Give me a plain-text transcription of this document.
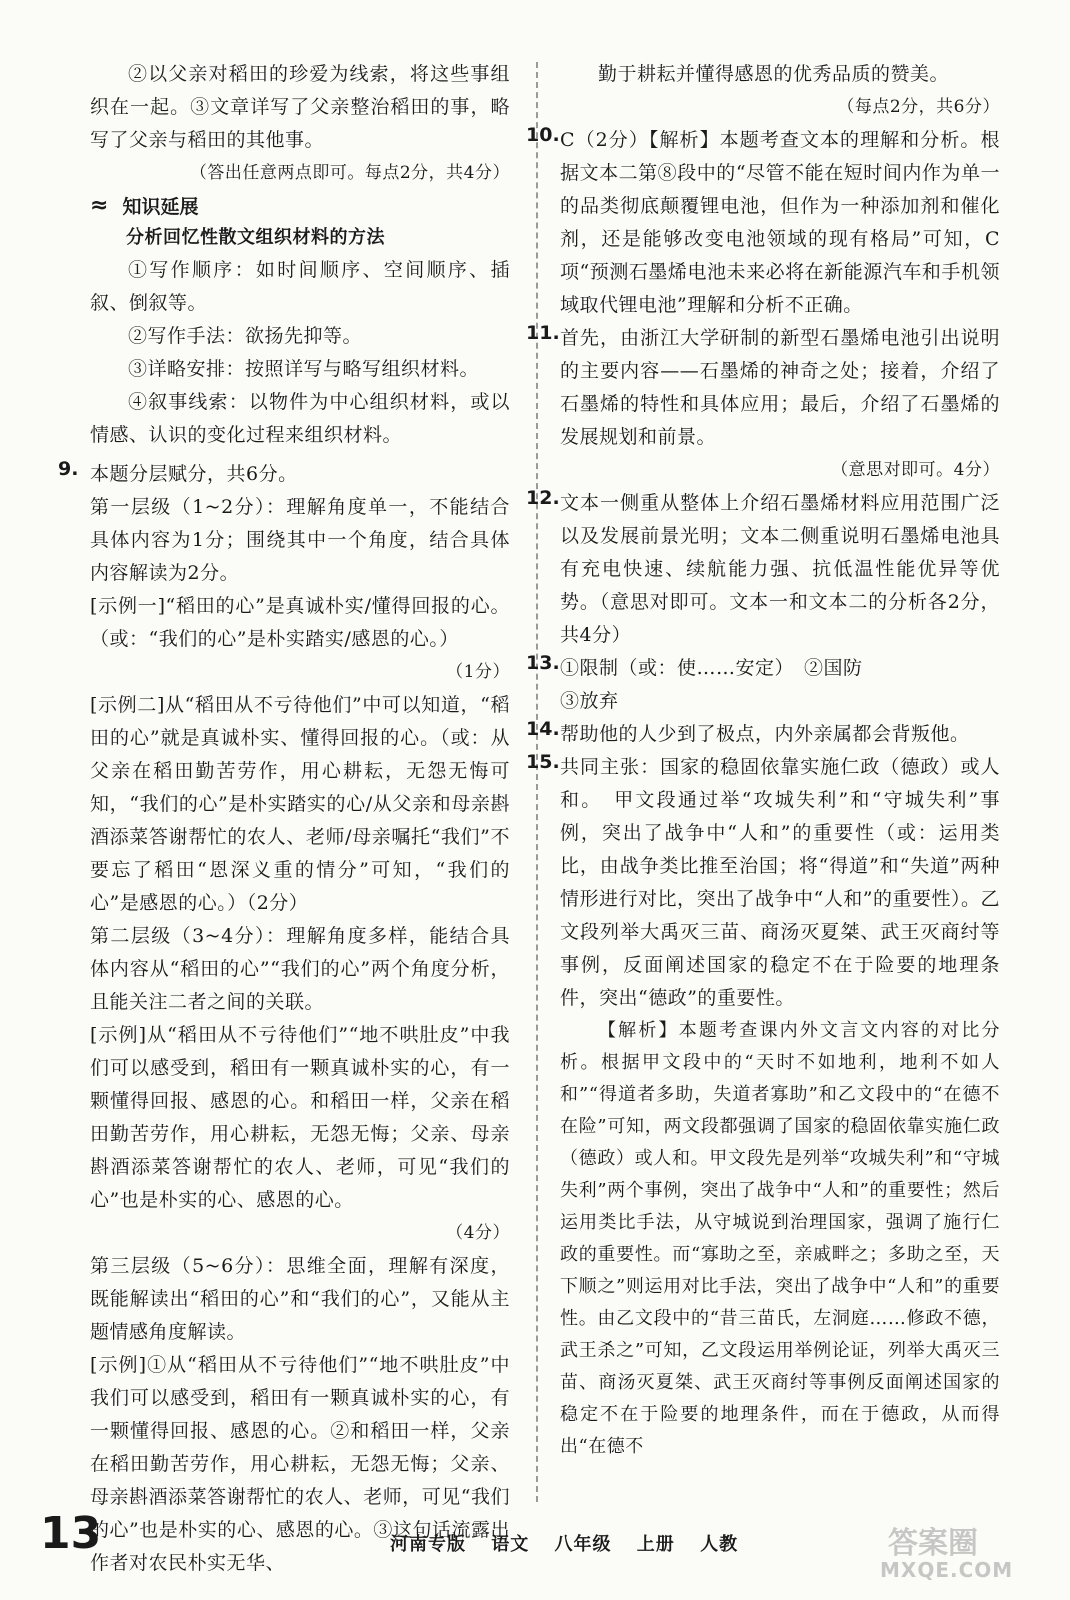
②以父亲对稻田的珍爱为线索，将这些事组织在一起。③文章详写了父亲整治稻田的事，略写了父亲与稻田的其他事。

（答出任意两点即可。每点2分，共4分）

≈ 知识延展

分析回忆性散文组织材料的方法

①写作顺序：如时间顺序、空间顺序、插叙、倒叙等。

②写作手法：欲扬先抑等。

③详略安排：按照详写与略写组织材料。

④叙事线索：以物件为中心组织材料，或以情感、认识的变化过程来组织材料。

9. 本题分层赋分，共6分。

第一层级（1~2分）：理解角度单一，不能结合具体内容为1分；围绕其中一个角度，结合具体内容解读为2分。

[示例一]“稻田的心”是真诚朴实/懂得回报的心。（或：“我们的心”是朴实踏实/感恩的心。）

（1分）

[示例二]从“稻田从不亏待他们”中可以知道，“稻田的心”就是真诚朴实、懂得回报的心。（或：从父亲在稻田勤苦劳作，用心耕耘，无怨无悔可知，“我们的心”是朴实踏实的心/从父亲和母亲斟酒添菜答谢帮忙的农人、老师/母亲嘱托“我们”不要忘了稻田“恩深义重的情分”可知，“我们的心”是感恩的心。）（2分）

第二层级（3~4分）：理解角度多样，能结合具体内容从“稻田的心”“我们的心”两个角度分析，且能关注二者之间的关联。

[示例]从“稻田从不亏待他们”“地不哄肚皮”中我们可以感受到，稻田有一颗真诚朴实的心，有一颗懂得回报、感恩的心。和稻田一样，父亲在稻田勤苦劳作，用心耕耘，无怨无悔；父亲、母亲斟酒添菜答谢帮忙的农人、老师，可见“我们的心”也是朴实的心、感恩的心。

（4分）

第三层级（5~6分）：思维全面，理解有深度，既能解读出“稻田的心”和“我们的心”，又能从主题情感角度解读。

[示例]①从“稻田从不亏待他们”“地不哄肚皮”中我们可以感受到，稻田有一颗真诚朴实的心，有一颗懂得回报、感恩的心。②和稻田一样，父亲在稻田勤苦劳作，用心耕耘，无怨无悔；父亲、母亲斟酒添菜答谢帮忙的农人、老师，可见“我们的心”也是朴实的心、感恩的心。③这句话流露出作者对农民朴实无华、

勤于耕耘并懂得感恩的优秀品质的赞美。

（每点2分，共6分）

10. C（2分）【解析】本题考查文本的理解和分析。根据文本二第⑧段中的“尽管不能在短时间内作为单一的品类彻底颠覆锂电池，但作为一种添加剂和催化剂，还是能够改变电池领域的现有格局”可知，C项“预测石墨烯电池未来必将在新能源汽车和手机领域取代锂电池”理解和分析不正确。

11. 首先，由浙江大学研制的新型石墨烯电池引出说明的主要内容——石墨烯的神奇之处；接着，介绍了石墨烯的特性和具体应用；最后，介绍了石墨烯的发展规划和前景。

（意思对即可。4分）

12. 文本一侧重从整体上介绍石墨烯材料应用范围广泛以及发展前景光明；文本二侧重说明石墨烯电池具有充电快速、续航能力强、抗低温性能优异等优势。（意思对即可。文本一和文本二的分析各2分，共4分）

13. ①限制（或：使……安定）　②国防

③放弃

14. 帮助他的人少到了极点，内外亲属都会背叛他。

15. 共同主张：国家的稳固依靠实施仁政（德政）或人和。　甲文段通过举“攻城失利”和“守城失利”事例，突出了战争中“人和”的重要性（或：运用类比，由战争类比推至治国；将“得道”和“失道”两种情形进行对比，突出了战争中“人和”的重要性）。乙文段列举大禹灭三苗、商汤灭夏桀、武王灭商纣等事例，反面阐述国家的稳定不在于险要的地理条件，突出“德政”的重要性。

【解析】本题考查课内外文言文内容的对比分析。根据甲文段中的“天时不如地利，地利不如人和”“得道者多助，失道者寡助”和乙文段中的“在德不在险”可知，两文段都强调了国家的稳固依靠实施仁政（德政）或人和。甲文段先是列举“攻城失利”和“守城失利”两个事例，突出了战争中“人和”的重要性；然后运用类比手法，从守城说到治理国家，强调了施行仁政的重要性。而“寡助之至，亲戚畔之；多助之至，天下顺之”则运用对比手法，突出了战争中“人和”的重要性。由乙文段中的“昔三苗氏，左洞庭……修政不德，武王杀之”可知，乙文段运用举例论证，列举大禹灭三苗、商汤灭夏桀、武王灭商纣等事例反面阐述国家的稳定不在于险要的地理条件，而在于德政，从而得出“在德不

13	河南专版 语文 八年级 上册 人教	答案圈
MXQE.COM
